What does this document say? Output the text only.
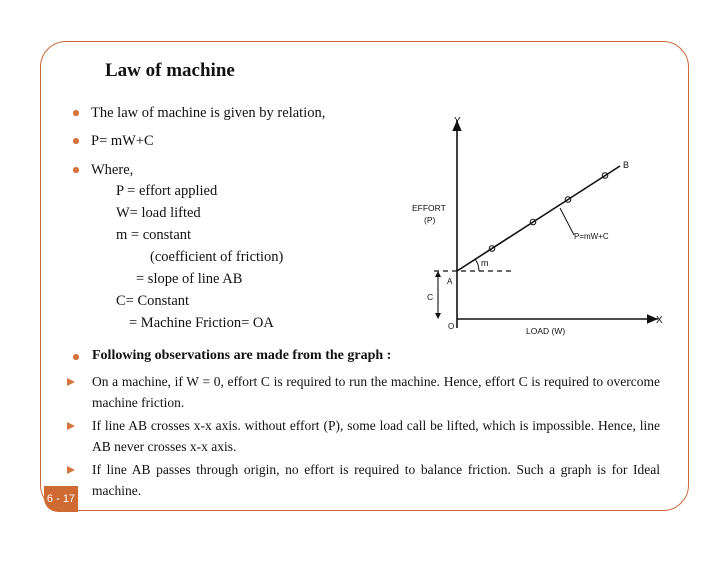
Law of machine
The law of machine is given by relation,
P= mW+C
Where,
P = effort applied
W= load lifted
m = constant
(coefficient of friction)
= slope of line AB
C= Constant
= Machine Friction= OA
Following observations are made from the graph :
On a machine, if W = 0, effort C is required to run the machine. Hence, effort C is required to overcome machine friction.
If line AB crosses x-x axis. without effort (P), some load call be lifted, which is impossible. Hence, line AB never crosses x-x axis.
If line AB passes through origin, no effort is required to balance friction. Such a graph is for Ideal machine.
Y
X
EFFORT
(P)
LOAD (W)
O
A
B
m
C
P=mW+C
6 - 17
